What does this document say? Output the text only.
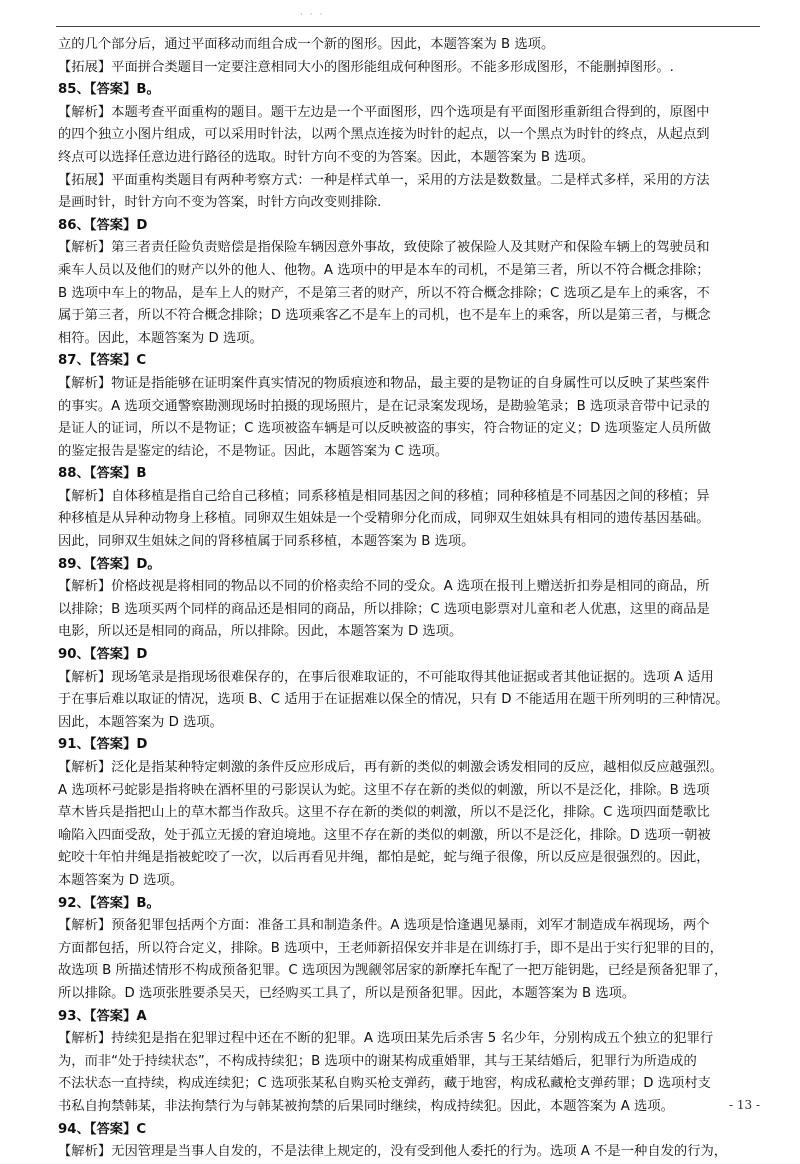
· · ·
立的几个部分后，通过平面移动而组合成一个新的图形。因此，本题答案为 B 选项。
【拓展】平面拼合类题目一定要注意相同大小的图形能组成何种图形。不能多形成图形，不能删掉图形。.
85、【答案】B。
【解析】本题考查平面重构的题目。题干左边是一个平面图形，四个选项是有平面图形重新组合得到的，原图中
的四个独立小图片组成，可以采用时针法，以两个黑点连接为时针的起点，以一个黑点为时针的终点，从起点到
终点可以选择任意边进行路径的选取。时针方向不变的为答案。因此，本题答案为 B 选项。
【拓展】平面重构类题目有两种考察方式：一种是样式单一，采用的方法是数数量。二是样式多样，采用的方法
是画时针，时针方向不变为答案，时针方向改变则排除.
86、【答案】D
【解析】第三者责任险负责赔偿是指保险车辆因意外事故，致使除了被保险人及其财产和保险车辆上的驾驶员和
乘车人员以及他们的财产以外的他人、他物。A 选项中的甲是本车的司机，不是第三者，所以不符合概念排除；
B 选项中车上的物品，是车上人的财产，不是第三者的财产，所以不符合概念排除；C 选项乙是车上的乘客，不
属于第三者，所以不符合概念排除；D 选项乘客乙不是车上的司机，也不是车上的乘客，所以是第三者，与概念
相符。因此，本题答案为 D 选项。
87、【答案】C
【解析】物证是指能够在证明案件真实情况的物质痕迹和物品，最主要的是物证的自身属性可以反映了某些案件
的事实。A 选项交通警察勘测现场时拍摄的现场照片，是在记录案发现场，是勘验笔录；B 选项录音带中记录的
是证人的证词，所以不是物证；C 选项被盗车辆是可以反映被盗的事实，符合物证的定义；D 选项鉴定人员所做
的鉴定报告是鉴定的结论，不是物证。因此，本题答案为 C 选项。
88、【答案】B
【解析】自体移植是指自己给自己移植；同系移植是相同基因之间的移植；同种移植是不同基因之间的移植；异
种移植是从异种动物身上移植。同卵双生姐妹是一个受精卵分化而成，同卵双生姐妹具有相同的遗传基因基础。
因此，同卵双生姐妹之间的肾移植属于同系移植，本题答案为 B 选项。
89、【答案】D。
【解析】价格歧视是将相同的物品以不同的价格卖给不同的受众。A 选项在报刊上赠送折扣券是相同的商品，所
以排除；B 选项买两个同样的商品还是相同的商品，所以排除；C 选项电影票对儿童和老人优惠，这里的商品是
电影，所以还是相同的商品，所以排除。因此，本题答案为 D 选项。
90、【答案】D
【解析】现场笔录是指现场很难保存的，在事后很难取证的，不可能取得其他证据或者其他证据的。选项 A 适用
于在事后难以取证的情况，选项 B、C 适用于在证据难以保全的情况，只有 D 不能适用在题干所列明的三种情况。
因此，本题答案为 D 选项。
91、【答案】D
【解析】泛化是指某种特定刺激的条件反应形成后，再有新的类似的刺激会诱发相同的反应，越相似反应越强烈。
A 选项杯弓蛇影是指将映在酒杯里的弓影误认为蛇。这里不存在新的类似的刺激，所以不是泛化，排除。B 选项
草木皆兵是指把山上的草木都当作敌兵。这里不存在新的类似的刺激，所以不是泛化，排除。C 选项四面楚歌比
喻陷入四面受敌，处于孤立无援的窘迫境地。这里不存在新的类似的刺激，所以不是泛化，排除。D 选项一朝被
蛇咬十年怕井绳是指被蛇咬了一次，以后再看见井绳，都怕是蛇，蛇与绳子很像，所以反应是很强烈的。因此，
本题答案为 D 选项。
92、【答案】B。
【解析】预备犯罪包括两个方面：准备工具和制造条件。A 选项是恰逢遇见暴雨，刘军才制造成车祸现场，两个
方面都包括，所以符合定义，排除。B 选项中，王老师新招保安并非是在训练打手，即不是出于实行犯罪的目的，
故选项 B 所描述情形不构成预备犯罪。C 选项因为觊觎邻居家的新摩托车配了一把万能钥匙，已经是预备犯罪了，
所以排除。D 选项张胜要杀吴天，已经购买工具了，所以是预备犯罪。因此，本题答案为 B 选项。
93、【答案】A
【解析】持续犯是指在犯罪过程中还在不断的犯罪。A 选项田某先后杀害 5 名少年，分别构成五个独立的犯罪行
为，而非“处于持续状态”，不构成持续犯；B 选项中的谢某构成重婚罪，其与王某结婚后，犯罪行为所造成的
不法状态一直持续，构成连续犯；C 选项张某私自购买枪支弹药，藏于地窖，构成私藏枪支弹药罪；D 选项村支
书私自拘禁韩某，非法拘禁行为与韩某被拘禁的后果同时继续，构成持续犯。因此，本题答案为 A 选项。
94、【答案】C
【解析】无因管理是当事人自发的，不是法律上规定的，没有受到他人委托的行为。选项 A 不是一种自发的行为，
- 13 -
